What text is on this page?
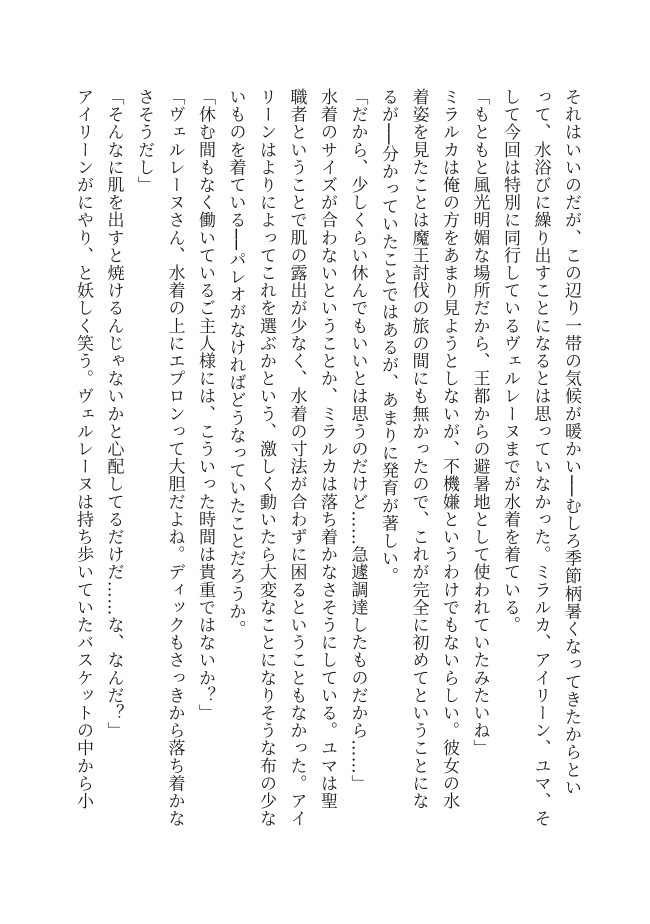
それはいいのだが、この辺り一帯の気候が暖かい──むしろ季節柄暑くなってきたからとい
って、水浴びに繰り出すことになるとは思っていなかった。ミラルカ、アイリーン、ユマ、そ
して今回は特別に同行しているヴェルレーヌまでが水着を着ている。
「もともと風光明媚な場所だから、王都からの避暑地として使われていたみたいね」
ミラルカは俺の方をあまり見ようとしないが、不機嫌というわけでもないらしい。彼女の水
着姿を見たことは魔王討伐の旅の間にも無かったので、これが完全に初めてということにな
るが──分かっていたことではあるが、あまりに発育が著しい。
「だから、少しくらい休んでもいいとは思うのだけど……急遽調達したものだから……」
水着のサイズが合わないということか、ミラルカは落ち着かなさそうにしている。ユマは聖
職者ということで肌の露出が少なく、水着の寸法が合わずに困るということもなかった。アイ
リーンはよりによってこれを選ぶかという、激しく動いたら大変なことになりそうな布の少な
いものを着ている──パレオがなければどうなっていたことだろうか。
「休む間もなく働いているご主人様には、こういった時間は貴重ではないか？」
「ヴェルレーヌさん、水着の上にエプロンって大胆だよね。ディックもさっきから落ち着かな
さそうだし」
「そんなに肌を出すと焼けるんじゃないかと心配してるだけだ……な、なんだ？」
アイリーンがにやり、と妖しく笑う。ヴェルレーヌは持ち歩いていたバスケットの中から小
